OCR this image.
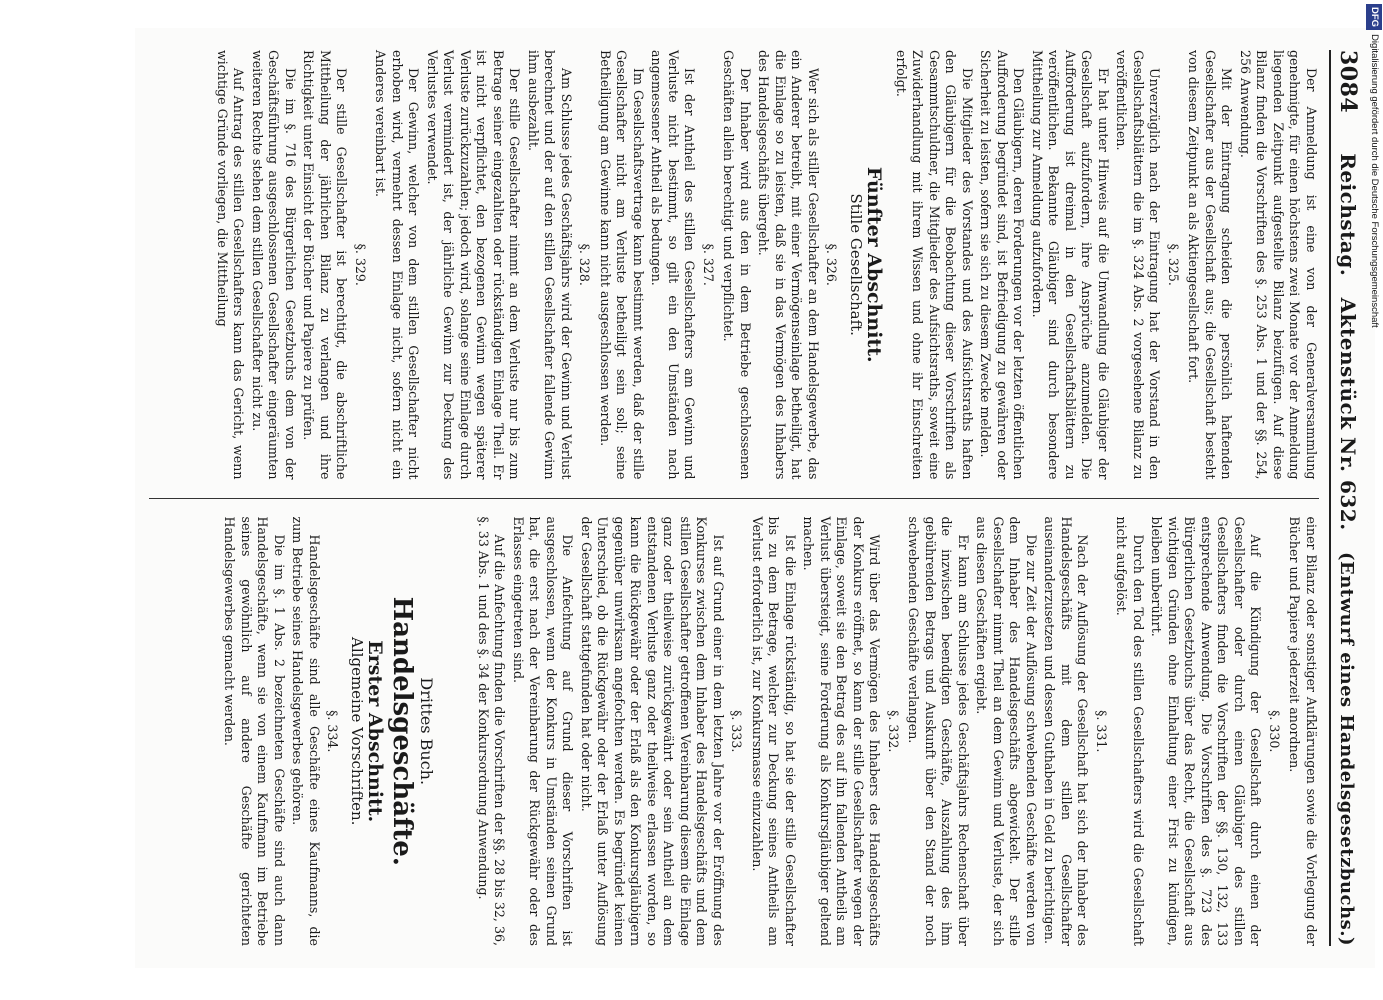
3084
Reichstag.
Aktenstück Nr. 632.
(Entwurf eines Handelsgesetzbuchs.)

Der Anmeldung ist eine von der Generalversammlung genehmigte, für einen höchstens zwei Monate vor der Anmeldung liegenden Zeitpunkt aufgestellte Bilanz beizufügen. Auf diese Bilanz finden die Vorschriften des §. 253 Abs. 1 und der §§. 254, 256 Anwendung.

Mit der Eintragung scheiden die persönlich haftenden Gesellschafter aus der Gesellschaft aus; die Gesellschaft besteht von diesem Zeitpunkt an als Aktiengesellschaft fort.

§. 325.

Unverzüglich nach der Eintragung hat der Vorstand in den Gesellschaftsblättern die im §. 324 Abs. 2 vorgesehene Bilanz zu veröffentlichen.

Er hat unter Hinweis auf die Umwandlung die Gläubiger der Gesellschaft aufzufordern, ihre Ansprüche anzumelden. Die Aufforderung ist dreimal in den Gesellschaftsblättern zu veröffentlichen. Bekannte Gläubiger sind durch besondere Mittheilung zur Anmeldung aufzufordern.

Den Gläubigern, deren Forderungen vor der letzten öffentlichen Aufforderung begründet sind, ist Befriedigung zu gewähren oder Sicherheit zu leisten, sofern sie sich zu diesem Zwecke melden.

Die Mitglieder des Vorstandes und des Aufsichtsraths haften den Gläubigern für die Beobachtung dieser Vorschriften als Gesammtschuldner, die Mitglieder des Aufsichtsraths, soweit eine Zuwiderhandlung mit ihrem Wissen und ohne ihr Einschreiten erfolgt.

Fünfter Abschnitt.
Stille Gesellschaft.
§. 326.

Wer sich als stiller Gesellschafter an dem Handelsgewerbe, das ein Anderer betreibt, mit einer Vermögenseinlage betheiligt, hat die Einlage so zu leisten, daß sie in das Vermögen des Inhabers des Handelsgeschäfts übergeht.

Der Inhaber wird aus den in dem Betriebe geschlossenen Geschäften allein berechtigt und verpflichtet.

§. 327.

Ist der Antheil des stillen Gesellschafters am Gewinn und Verluste nicht bestimmt, so gilt ein den Umständen nach angemessener Antheil als bedungen.

Im Gesellschaftsvertrage kann bestimmt werden, daß der stille Gesellschafter nicht am Verluste betheiligt sein soll; seine Betheiligung am Gewinne kann nicht ausgeschlossen werden.

§. 328.

Am Schlusse jedes Geschäftsjahrs wird der Gewinn und Verlust berechnet und der auf den stillen Gesellschafter fallende Gewinn ihm ausbezahlt.

Der stille Gesellschafter nimmt an dem Verluste nur bis zum Betrage seiner eingezahlten oder rückständigen Einlage Theil. Er ist nicht verpflichtet, den bezogenen Gewinn wegen späterer Verluste zurückzuzahlen; jedoch wird, solange seine Einlage durch Verlust vermindert ist, der jährliche Gewinn zur Deckung des Verlustes verwendet.

Der Gewinn, welcher von dem stillen Gesellschafter nicht erhoben wird, vermehrt dessen Einlage nicht, sofern nicht ein Anderes vereinbart ist.

§. 329.

Der stille Gesellschafter ist berechtigt, die abschriftliche Mittheilung der jährlichen Bilanz zu verlangen und ihre Richtigkeit unter Einsicht der Bücher und Papiere zu prüfen.

Die im §. 716 des Bürgerlichen Gesetzbuchs dem von der Geschäftsführung ausgeschlossenen Gesellschafter eingeräumten weiteren Rechte stehen dem stillen Gesellschafter nicht zu.

Auf Antrag des stillen Gesellschafters kann das Gericht, wenn wichtige Gründe vorliegen, die Mittheilung

einer Bilanz oder sonstiger Aufklärungen sowie die Vorlegung der Bücher und Papiere jederzeit anordnen.

§. 330.

Auf die Kündigung der Gesellschaft durch einen der Gesellschafter oder durch einen Gläubiger des stillen Gesellschafters finden die Vorschriften der §§. 130, 132, 133 entsprechende Anwendung. Die Vorschriften des §. 723 des Bürgerlichen Gesetzbuchs über das Recht, die Gesellschaft aus wichtigen Gründen ohne Einhaltung einer Frist zu kündigen, bleiben unberührt.

Durch den Tod des stillen Gesellschafters wird die Gesellschaft nicht aufgelöst.

§. 331.

Nach der Auflösung der Gesellschaft hat sich der Inhaber des Handelsgeschäfts mit dem stillen Gesellschafter auseinanderzusetzen und dessen Guthaben in Geld zu berichtigen.

Die zur Zeit der Auflösung schwebenden Geschäfte werden von dem Inhaber des Handelsgeschäfts abgewickelt. Der stille Gesellschafter nimmt Theil an dem Gewinn und Verluste, der sich aus diesen Geschäften ergiebt.

Er kann am Schlusse jedes Geschäftsjahrs Rechenschaft über die inzwischen beendigten Geschäfte, Auszahlung des ihm gebührenden Betrags und Auskunft über den Stand der noch schwebenden Geschäfte verlangen.

§. 332.

Wird über das Vermögen des Inhabers des Handelsgeschäfts der Konkurs eröffnet, so kann der stille Gesellschafter wegen der Einlage, soweit sie den Betrag des auf ihn fallenden Antheils am Verlust übersteigt, seine Forderung als Konkursgläubiger geltend machen.

Ist die Einlage rückständig, so hat sie der stille Gesellschafter bis zu dem Betrage, welcher zur Deckung seines Antheils am Verlust erforderlich ist, zur Konkursmasse einzuzahlen.

§. 333.

Ist auf Grund einer in dem letzten Jahre vor der Eröffnung des Konkurses zwischen dem Inhaber des Handelsgeschäfts und dem stillen Gesellschafter getroffenen Vereinbarung diesem die Einlage ganz oder theilweise zurückgewährt oder sein Antheil an dem entstandenen Verluste ganz oder theilweise erlassen worden, so kann die Rückgewähr oder der Erlaß als den Konkursgläubigern gegenüber unwirksam angefochten werden. Es begründet keinen Unterschied, ob die Rückgewähr oder der Erlaß unter Auflösung der Gesellschaft stattgefunden hat oder nicht.

Die Anfechtung auf Grund dieser Vorschriften ist ausgeschlossen, wenn der Konkurs in Umständen seinen Grund hat, die erst nach der Vereinbarung der Rückgewähr oder des Erlasses eingetreten sind.

Auf die Anfechtung finden die Vorschriften der §§. 28 bis 32, 36, §. 33 Abs. 1 und des §. 34 der Konkursordnung Anwendung.

Drittes Buch.
Handelsgeschäfte.
Erster Abschnitt.
Allgemeine Vorschriften.
§. 334.

Handelsgeschäfte sind alle Geschäfte eines Kaufmanns, die zum Betriebe seines Handelsgewerbes gehören.

Die im §. 1 Abs. 2 bezeichneten Geschäfte sind auch dann Handelsgeschäfte, wenn sie von einem Kaufmann im Betriebe seines gewöhnlich auf andere Geschäfte gerichteten Handelsgewerbes gemacht werden.

DFGDigitalisierung gefördert durch die Deutsche Forschungsgemeinschaft
